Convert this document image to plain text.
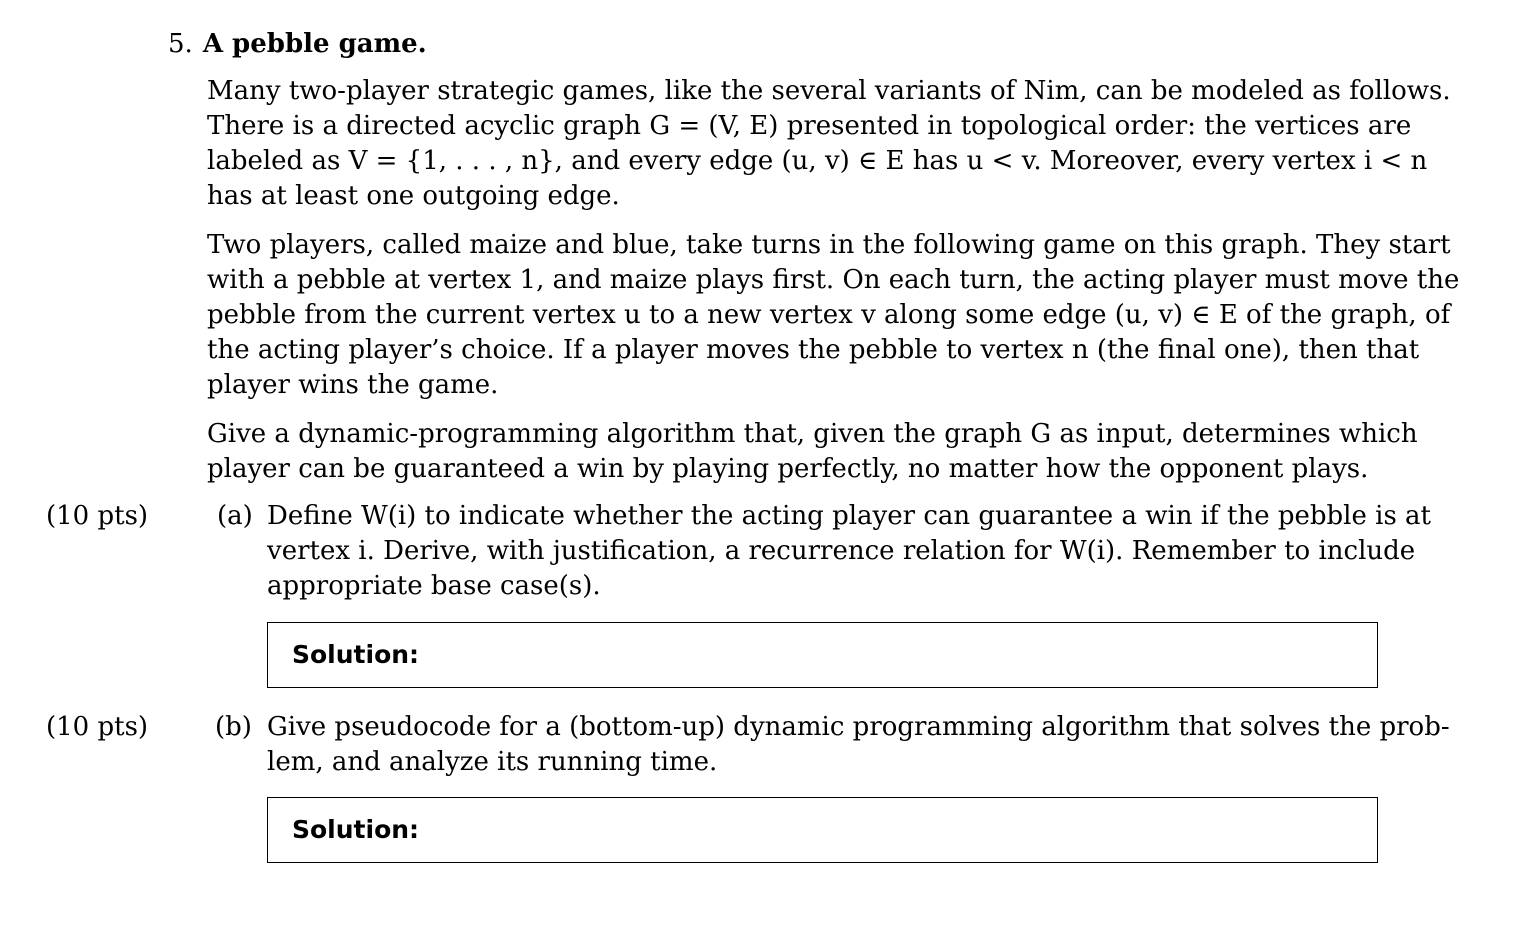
5. A pebble game.
Many two-player strategic games, like the several variants of Nim, can be modeled as follows.
There is a directed acyclic graph G = (V, E) presented in topological order: the vertices are
labeled as V = {1, . . . , n}, and every edge (u, v) ∈ E has u < v. Moreover, every vertex i < n
has at least one outgoing edge.
Two players, called maize and blue, take turns in the following game on this graph. They start
with a pebble at vertex 1, and maize plays first. On each turn, the acting player must move the
pebble from the current vertex u to a new vertex v along some edge (u, v) ∈ E of the graph, of
the acting player’s choice. If a player moves the pebble to vertex n (the final one), then that
player wins the game.
Give a dynamic-programming algorithm that, given the graph G as input, determines which
player can be guaranteed a win by playing perfectly, no matter how the opponent plays.
(10 pts)	(a) Define W(i) to indicate whether the acting player can guarantee a win if the pebble is at
vertex i. Derive, with justification, a recurrence relation for W(i). Remember to include
appropriate base case(s).
Solution:
(10 pts)	(b) Give pseudocode for a (bottom-up) dynamic programming algorithm that solves the prob-
lem, and analyze its running time.
Solution:
